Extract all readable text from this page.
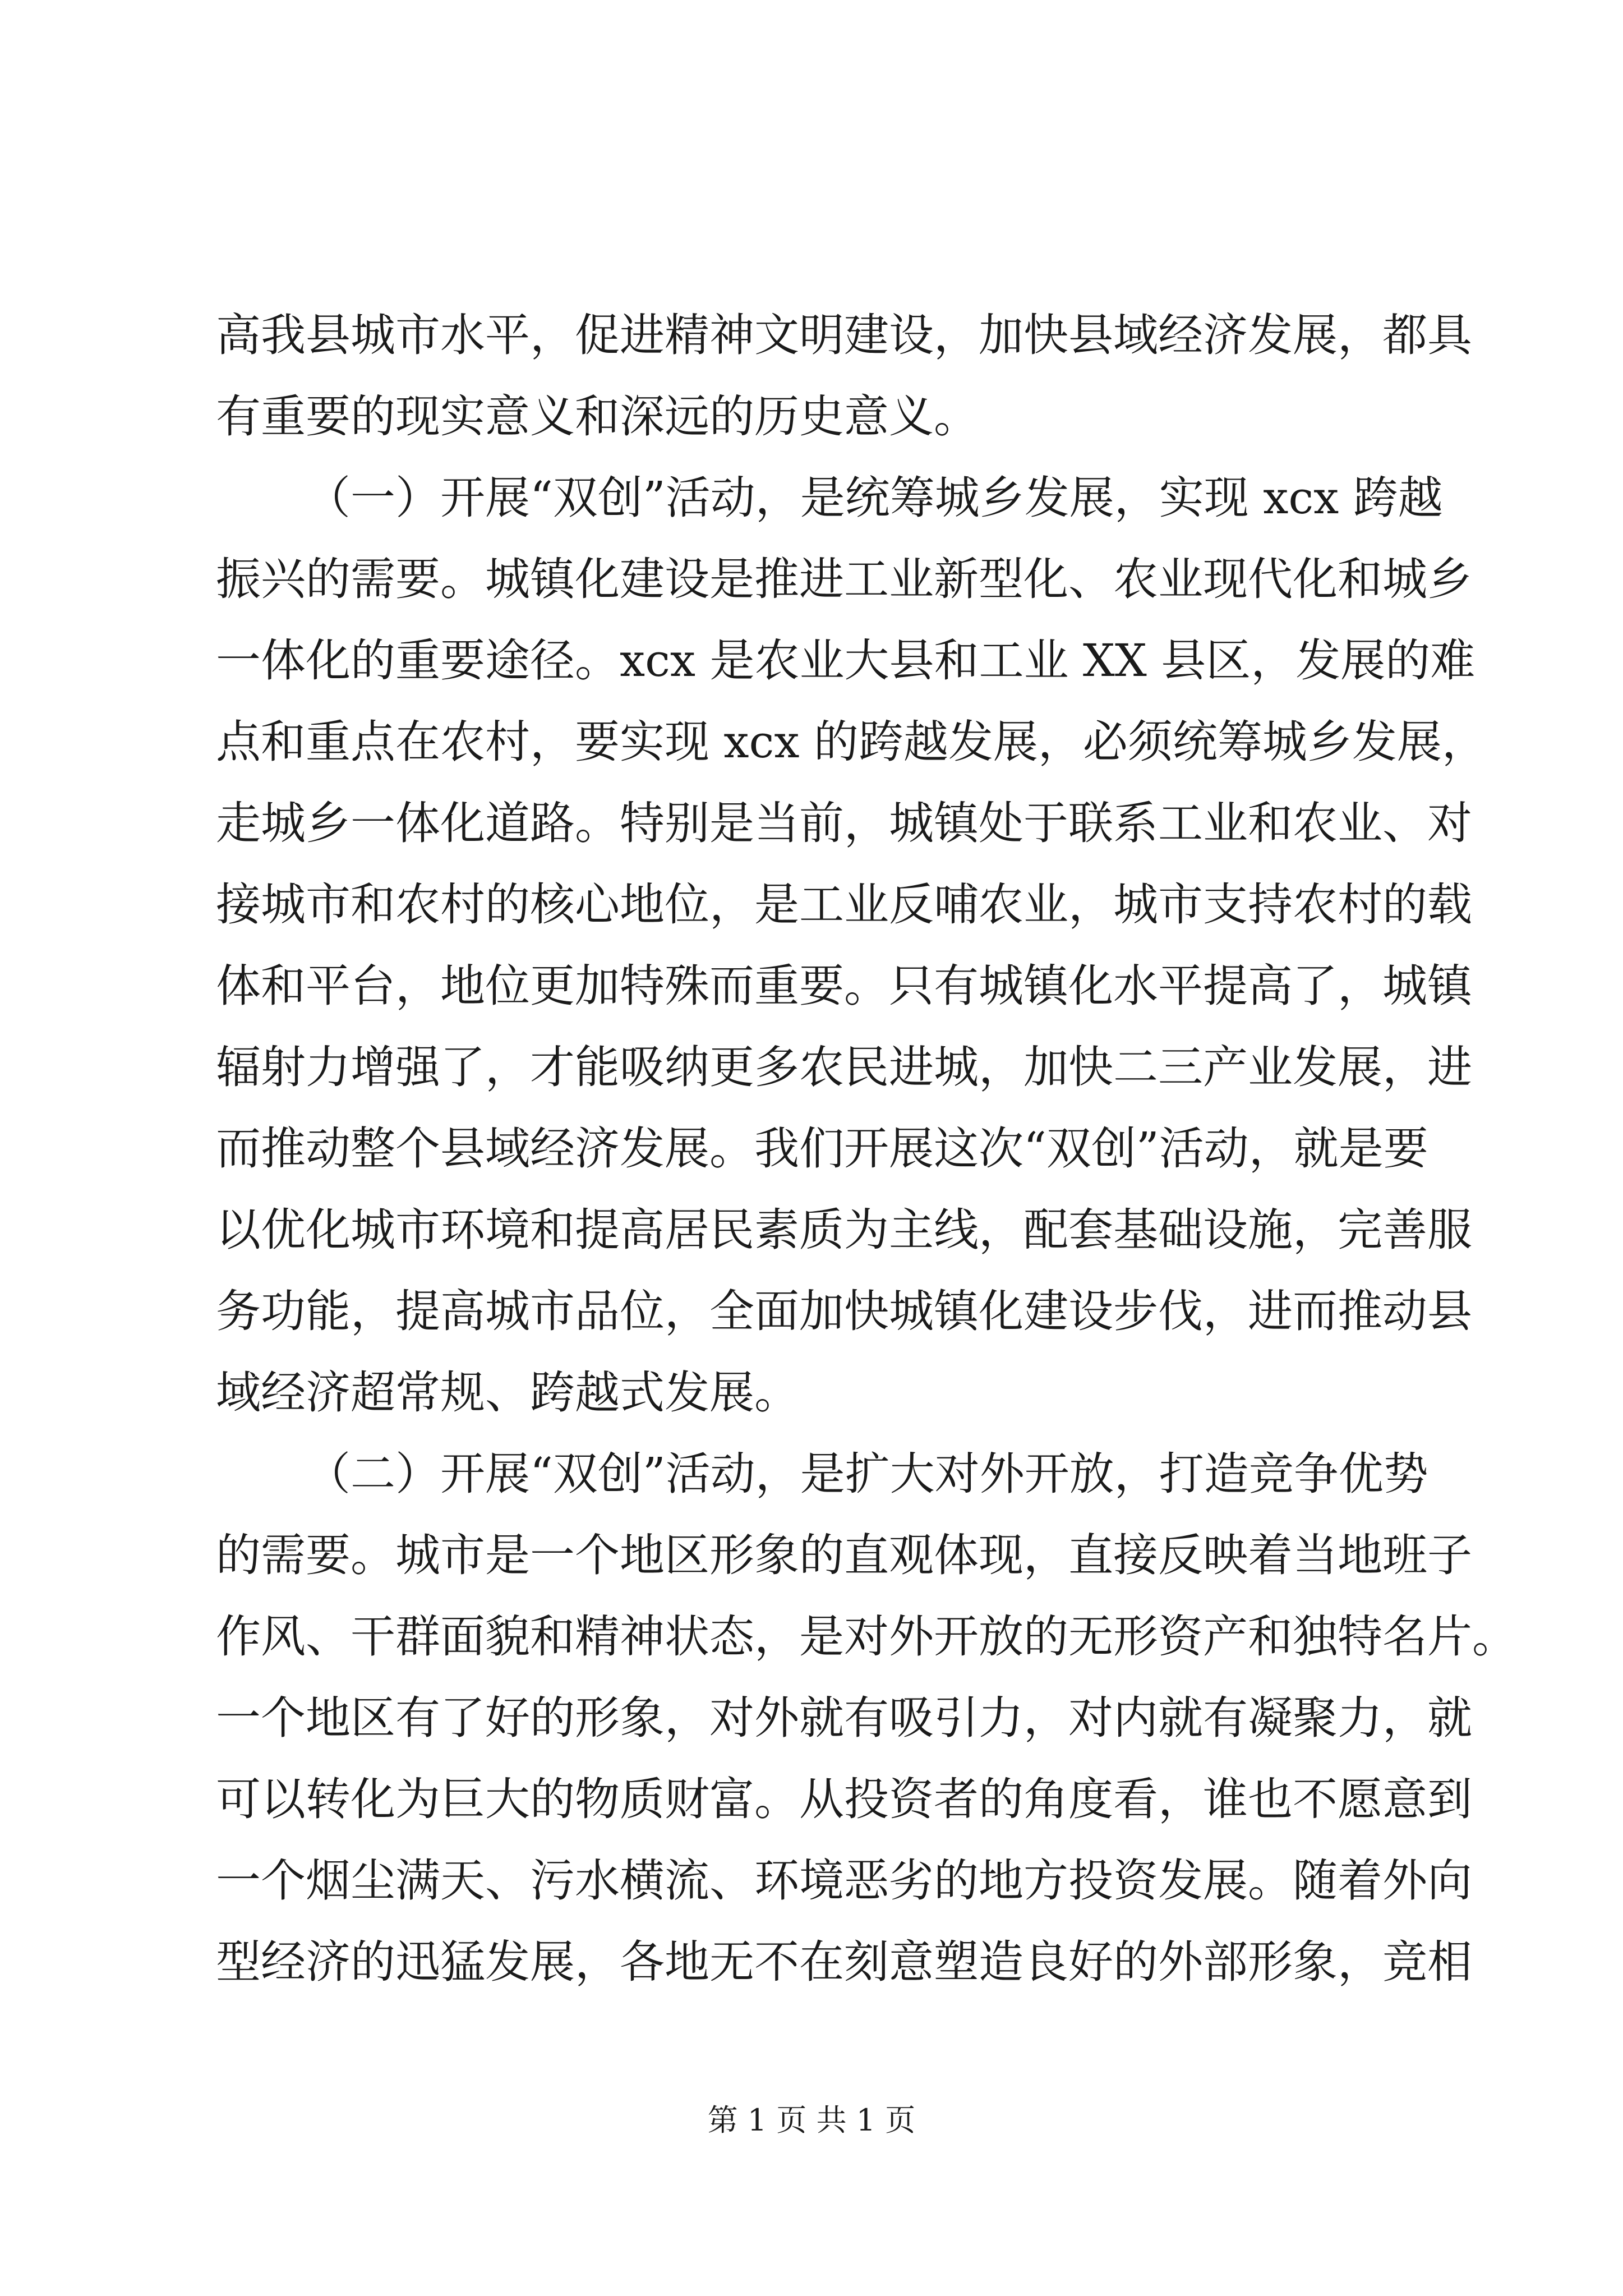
高我县城市水平，促进精神文明建设，加快县域经济发展，都具
有重要的现实意义和深远的历史意义。
（一）开展“双创”活动，是统筹城乡发展，实现 xcx 跨越
振兴的需要。城镇化建设是推进工业新型化、农业现代化和城乡
一体化的重要途径。xcx 是农业大县和工业 XX 县区，发展的难
点和重点在农村，要实现 xcx 的跨越发展，必须统筹城乡发展，
走城乡一体化道路。特别是当前，城镇处于联系工业和农业、对
接城市和农村的核心地位，是工业反哺农业，城市支持农村的载
体和平台，地位更加特殊而重要。只有城镇化水平提高了，城镇
辐射力增强了，才能吸纳更多农民进城，加快二三产业发展，进
而推动整个县域经济发展。我们开展这次“双创”活动，就是要
以优化城市环境和提高居民素质为主线，配套基础设施，完善服
务功能，提高城市品位，全面加快城镇化建设步伐，进而推动县
域经济超常规、跨越式发展。
（二）开展“双创”活动，是扩大对外开放，打造竞争优势
的需要。城市是一个地区形象的直观体现，直接反映着当地班子
作风、干群面貌和精神状态，是对外开放的无形资产和独特名片。
一个地区有了好的形象，对外就有吸引力，对内就有凝聚力，就
可以转化为巨大的物质财富。从投资者的角度看，谁也不愿意到
一个烟尘满天、污水横流、环境恶劣的地方投资发展。随着外向
型经济的迅猛发展，各地无不在刻意塑造良好的外部形象，竞相
第 1 页 共 1 页
